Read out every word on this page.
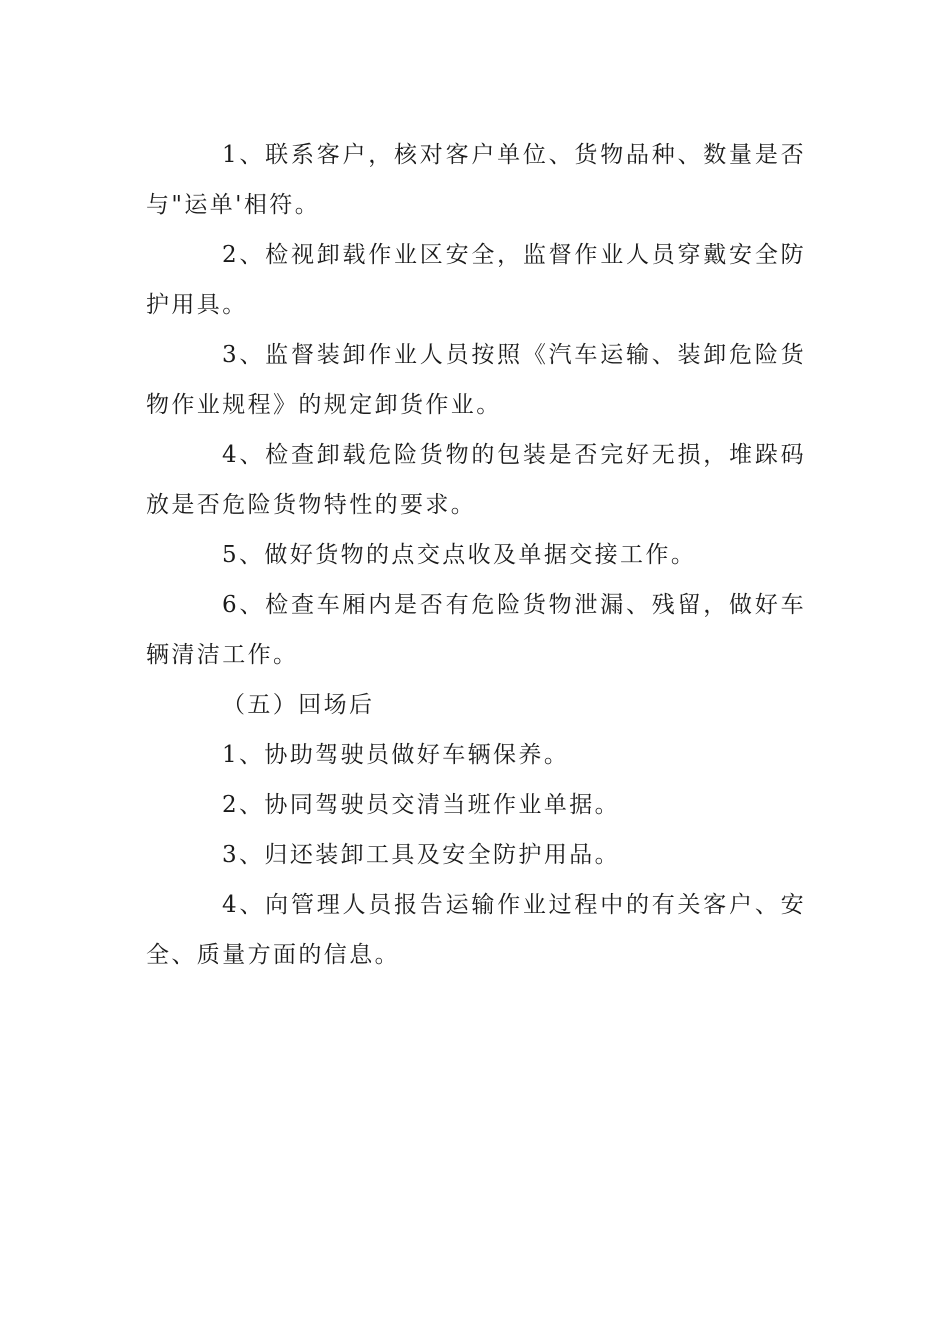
1、联系客户，核对客户单位、货物品种、数量是否与"运单'相符。

2、检视卸载作业区安全，监督作业人员穿戴安全防护用具。

3、监督装卸作业人员按照《汽车运输、装卸危险货物作业规程》的规定卸货作业。

4、检查卸载危险货物的包装是否完好无损，堆跺码放是否危险货物特性的要求。

5、做好货物的点交点收及单据交接工作。

6、检查车厢内是否有危险货物泄漏、残留，做好车辆清洁工作。

（五）回场后

1、协助驾驶员做好车辆保养。

2、协同驾驶员交清当班作业单据。

3、归还装卸工具及安全防护用品。

4、向管理人员报告运输作业过程中的有关客户、安全、质量方面的信息。
